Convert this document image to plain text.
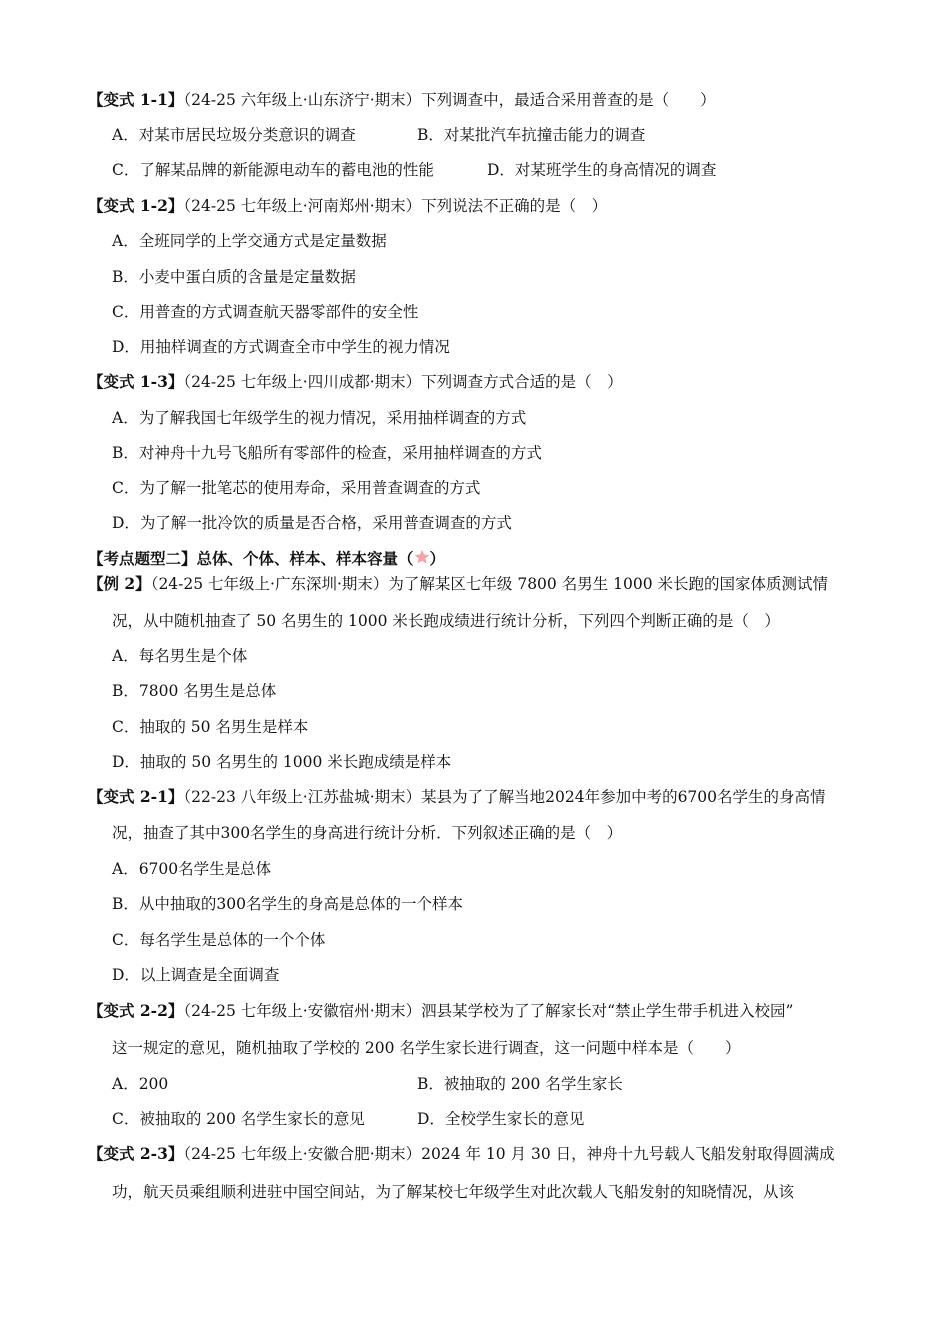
【变式 1-1】（24-25 六年级上·山东济宁·期末）下列调查中，最适合采用普查的是（　　）
A．对某市居民垃圾分类意识的调查	B．对某批汽车抗撞击能力的调查
C．了解某品牌的新能源电动车的蓄电池的性能	D．对某班学生的身高情况的调查
【变式 1-2】（24-25 七年级上·河南郑州·期末）下列说法不正确的是（　）
A．全班同学的上学交通方式是定量数据
B．小麦中蛋白质的含量是定量数据
C．用普查的方式调查航天器零部件的安全性
D．用抽样调查的方式调查全市中学生的视力情况
【变式 1-3】（24-25 七年级上·四川成都·期末）下列调查方式合适的是（　）
A．为了解我国七年级学生的视力情况，采用抽样调查的方式
B．对神舟十九号飞船所有零部件的检查，采用抽样调查的方式
C．为了解一批笔芯的使用寿命，采用普查调查的方式
D．为了解一批冷饮的质量是否合格，采用普查调查的方式
【考点题型二】总体、个体、样本、样本容量（ ）
【例 2】（24-25 七年级上·广东深圳·期末）为了解某区七年级 7800 名男生 1000 米长跑的国家体质测试情
况，从中随机抽查了 50 名男生的 1000 米长跑成绩进行统计分析，下列四个判断正确的是（　）
A．每名男生是个体
B．7800 名男生是总体
C．抽取的 50 名男生是样本
D．抽取的 50 名男生的 1000 米长跑成绩是样本
【变式 2-1】（22-23 八年级上·江苏盐城·期末）某县为了了解当地2024年参加中考的6700名学生的身高情
况，抽查了其中300名学生的身高进行统计分析．下列叙述正确的是（　）
A．6700名学生是总体
B．从中抽取的300名学生的身高是总体的一个样本
C．每名学生是总体的一个个体
D．以上调查是全面调查
【变式 2-2】（24-25 七年级上·安徽宿州·期末）泗县某学校为了了解家长对“禁止学生带手机进入校园”
这一规定的意见，随机抽取了学校的 200 名学生家长进行调查，这一问题中样本是（　　）
A．200	B．被抽取的 200 名学生家长
C．被抽取的 200 名学生家长的意见	D．全校学生家长的意见
【变式 2-3】（24-25 七年级上·安徽合肥·期末）2024 年 10 月 30 日，神舟十九号载人飞船发射取得圆满成
功，航天员乘组顺利进驻中国空间站，为了解某校七年级学生对此次载人飞船发射的知晓情况，从该
